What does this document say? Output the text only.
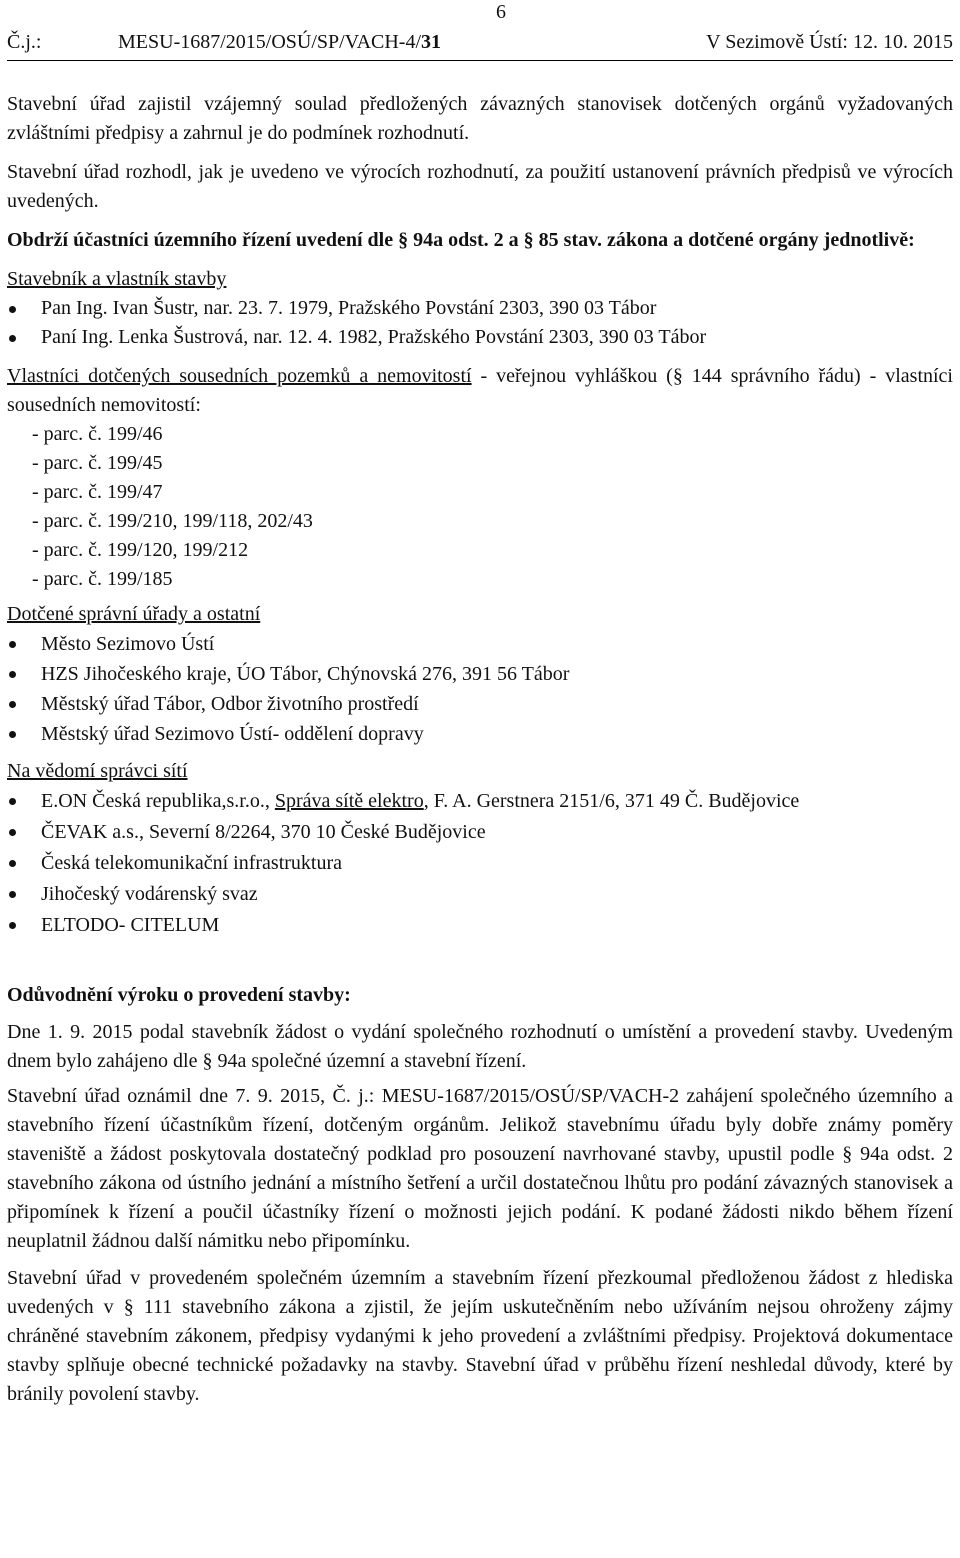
6
Č.j.:	MESU-1687/2015/OSÚ/SP/VACH-4/31	V Sezimově Ústí: 12. 10. 2015

Stavební úřad zajistil vzájemný soulad předložených závazných stanovisek dotčených orgánů vyžadovaných zvláštními předpisy a zahrnul je do podmínek rozhodnutí.

Stavební úřad rozhodl, jak je uvedeno ve výrocích rozhodnutí, za použití ustanovení právních předpisů ve výrocích uvedených.

Obdrží účastníci územního řízení uvedení dle § 94a odst. 2 a § 85 stav. zákona a dotčené orgány jednotlivě:

Stavebník a vlastník stavby

Pan Ing. Ivan Šustr, nar. 23. 7. 1979, Pražského Povstání 2303, 390 03 Tábor
Paní Ing. Lenka Šustrová, nar. 12. 4. 1982, Pražského Povstání 2303, 390 03 Tábor

Vlastníci dotčených sousedních pozemků a nemovitostí - veřejnou vyhláškou (§ 144 správního řádu) - vlastníci sousedních nemovitostí:

- parc. č. 199/46
- parc. č. 199/45
- parc. č. 199/47
- parc. č. 199/210, 199/118, 202/43
- parc. č. 199/120, 199/212
- parc. č. 199/185

Dotčené správní úřady a ostatní

Město Sezimovo Ústí
HZS Jihočeského kraje, ÚO Tábor, Chýnovská 276, 391 56 Tábor
Městský úřad Tábor, Odbor životního prostředí
Městský úřad Sezimovo Ústí- oddělení dopravy

Na vědomí správci sítí

E.ON Česká republika,s.r.o., Správa sítě elektro, F. A. Gerstnera 2151/6, 371 49 Č. Budějovice
ČEVAK a.s., Severní 8/2264, 370 10 České Budějovice
Česká telekomunikační infrastruktura
Jihočeský vodárenský svaz
ELTODO- CITELUM

Odůvodnění výroku o provedení stavby:

Dne 1. 9. 2015 podal stavebník žádost o vydání společného rozhodnutí o umístění a provedení stavby. Uvedeným dnem bylo zahájeno dle § 94a společné územní a stavební řízení.

Stavební úřad oznámil dne 7. 9. 2015, Č. j.: MESU-1687/2015/OSÚ/SP/VACH-2 zahájení společného územního a stavebního řízení účastníkům řízení, dotčeným orgánům. Jelikož stavebnímu úřadu byly dobře známy poměry staveniště a žádost poskytovala dostatečný podklad pro posouzení navrhované stavby, upustil podle § 94a odst. 2 stavebního zákona od ústního jednání a místního šetření a určil dostatečnou lhůtu pro podání závazných stanovisek a připomínek k řízení a poučil účastníky řízení o možnosti jejich podání. K podané žádosti nikdo během řízení neuplatnil žádnou další námitku nebo připomínku.

Stavební úřad v provedeném společném územním a stavebním řízení přezkoumal předloženou žádost z hlediska uvedených v § 111 stavebního zákona a zjistil, že jejím uskutečněním nebo užíváním nejsou ohroženy zájmy chráněné stavebním zákonem, předpisy vydanými k jeho provedení a zvláštními předpisy. Projektová dokumentace stavby splňuje obecné technické požadavky na stavby. Stavební úřad v průběhu řízení neshledal důvody, které by bránily povolení stavby.
